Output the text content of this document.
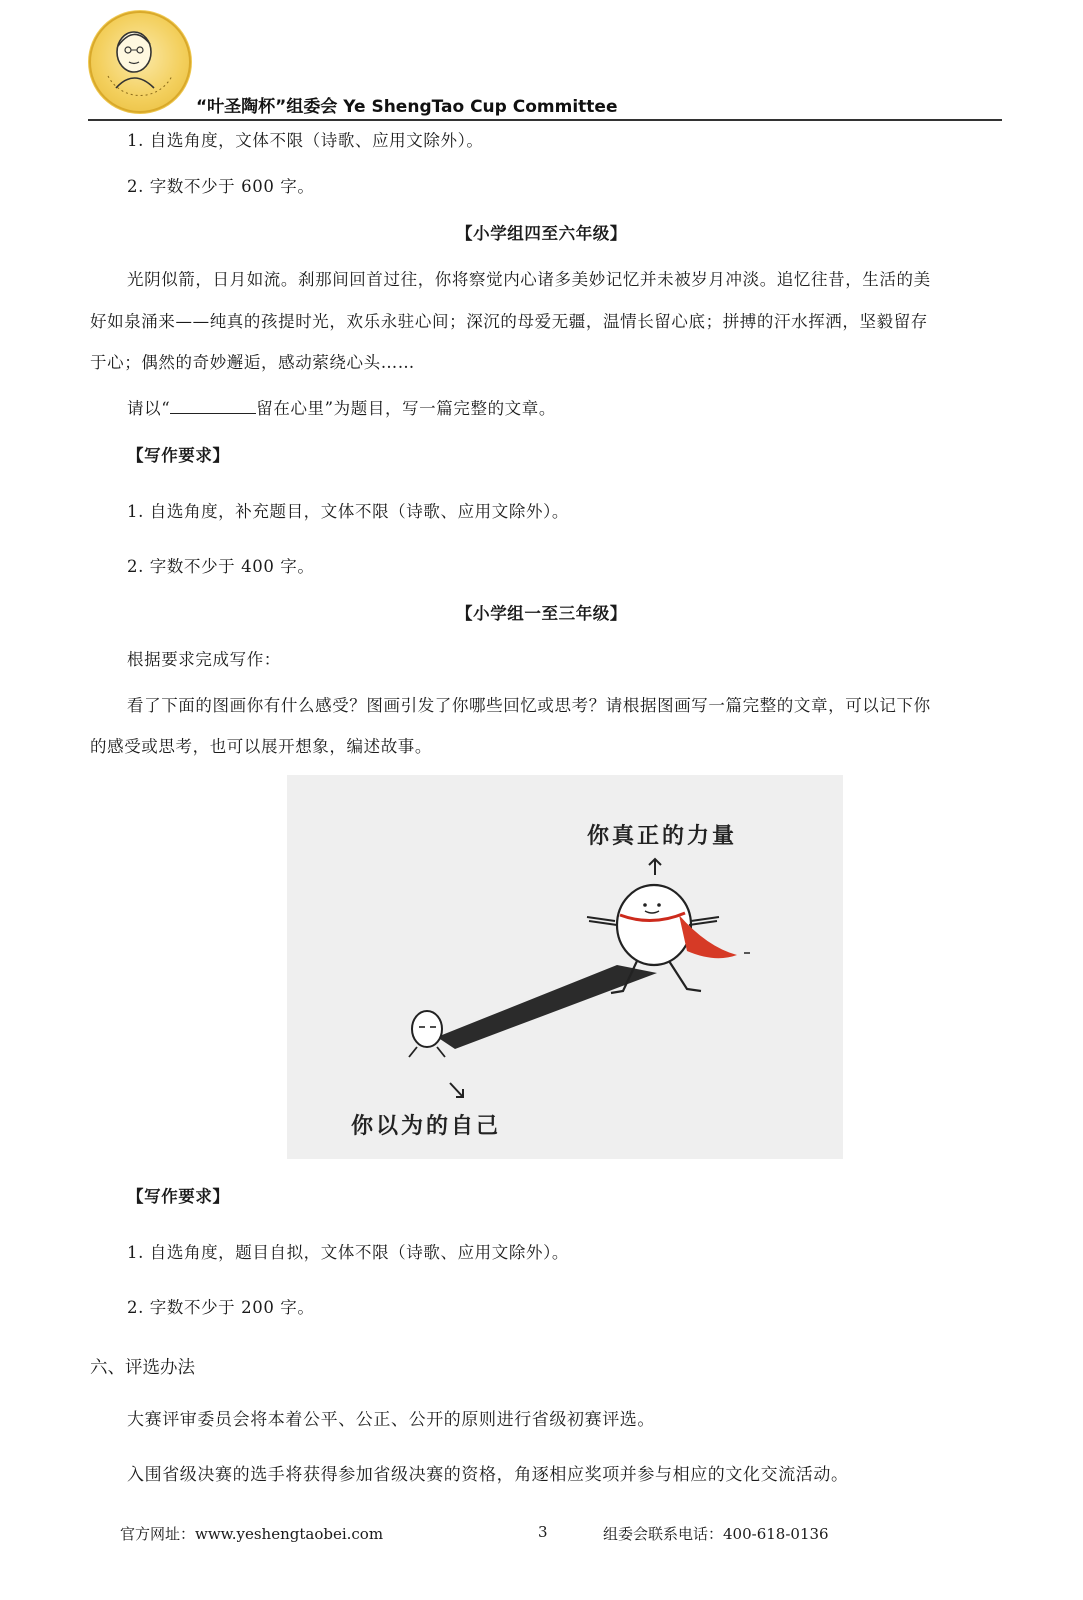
“叶圣陶杯”组委会 Ye ShengTao Cup Committee
1. 自选角度，文体不限（诗歌、应用文除外）。
2. 字数不少于 600 字。
【小学组四至六年级】
光阴似箭，日月如流。刹那间回首过往，你将察觉内心诸多美妙记忆并未被岁月冲淡。追忆往昔，生活的美
好如泉涌来——纯真的孩提时光，欢乐永驻心间；深沉的母爱无疆，温情长留心底；拼搏的汗水挥洒，坚毅留存
于心；偶然的奇妙邂逅，感动萦绕心头……
请以“	留在心里”为题目，写一篇完整的文章。
【写作要求】
1. 自选角度，补充题目，文体不限（诗歌、应用文除外）。
2. 字数不少于 400 字。
【小学组一至三年级】
根据要求完成写作：
看了下面的图画你有什么感受？图画引发了你哪些回忆或思考？请根据图画写一篇完整的文章，可以记下你
的感受或思考，也可以展开想象，编述故事。
你真正的力量
你以为的自己
【写作要求】
1. 自选角度，题目自拟，文体不限（诗歌、应用文除外）。
2. 字数不少于 200 字。
六、评选办法
大赛评审委员会将本着公平、公正、公开的原则进行省级初赛评选。
入围省级决赛的选手将获得参加省级决赛的资格，角逐相应奖项并参与相应的文化交流活动。
官方网址：www.yeshengtaobei.com	3	组委会联系电话：400-618-0136
